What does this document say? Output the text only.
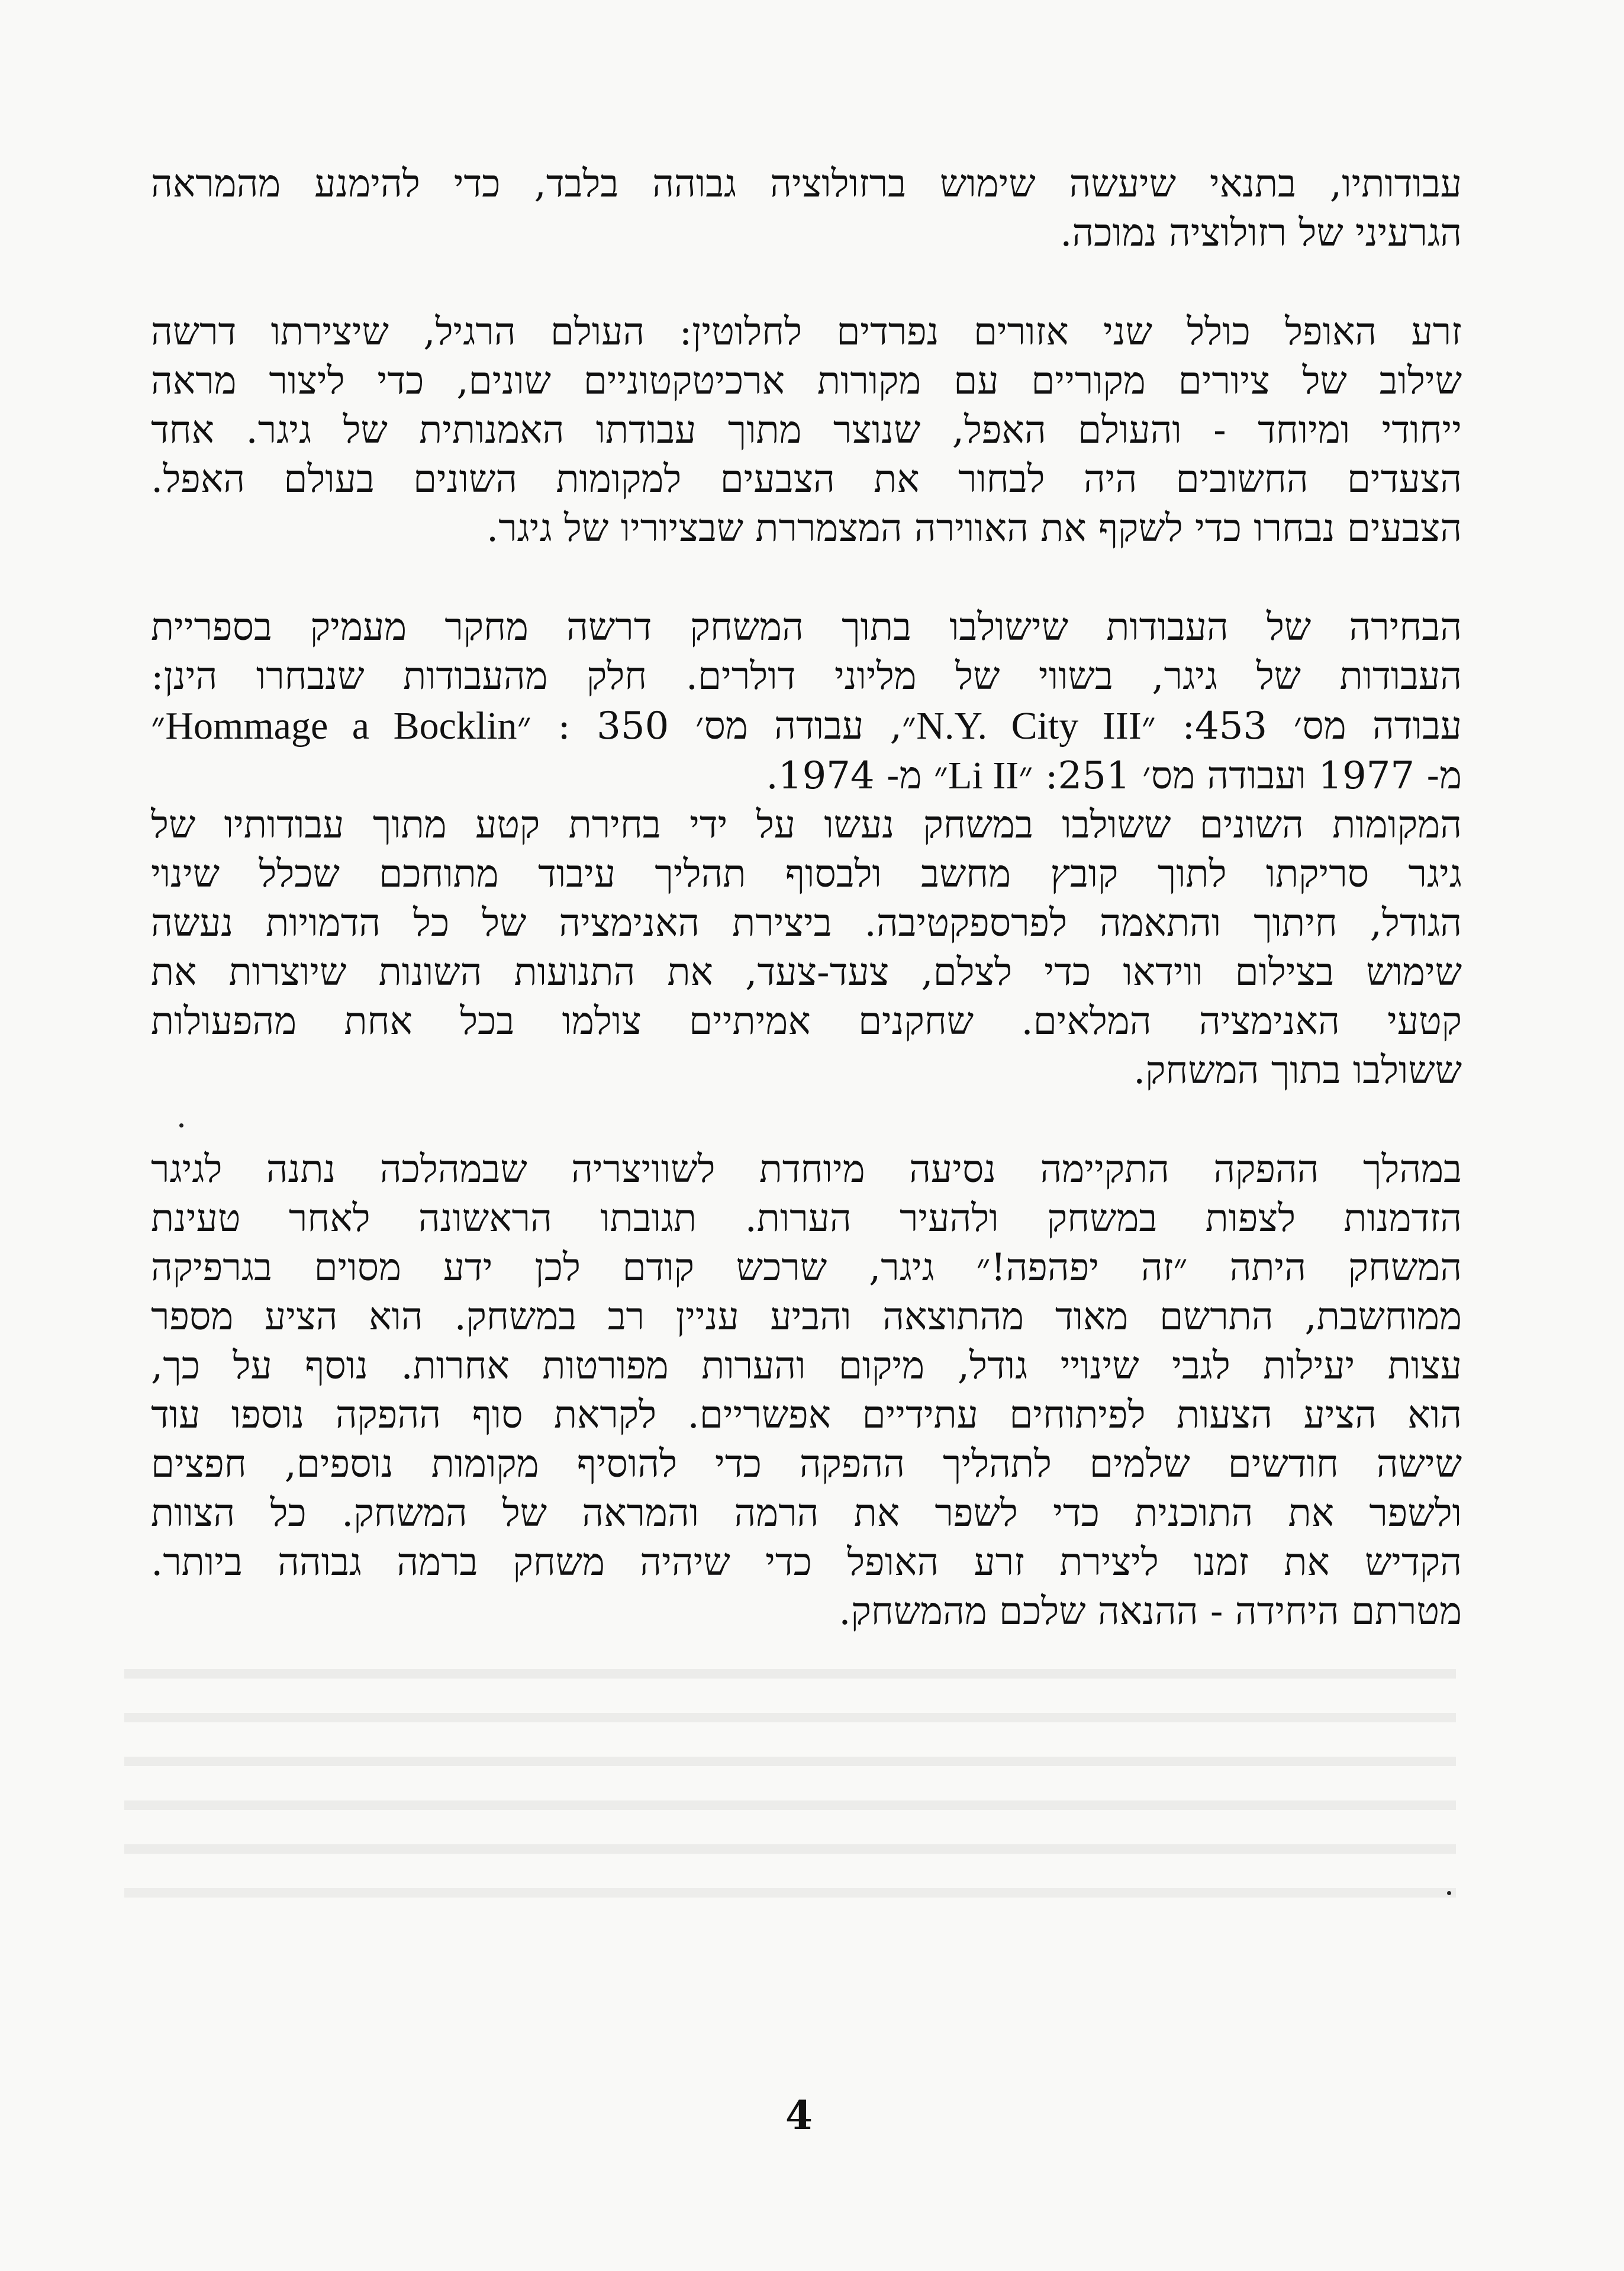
עבודותיו, בתנאי שיעשה שימוש ברזולוציה גבוהה בלבד, כדי להימנע מהמראה
הגרעיני של רזולוציה נמוכה.

זרע האופל כולל שני אזורים נפרדים לחלוטין: העולם הרגיל, שיצירתו דרשה
שילוב של ציורים מקוריים עם מקורות ארכיטקטוניים שונים, כדי ליצור מראה
ייחודי ומיוחד - והעולם האפל, שנוצר מתוך עבודתו האמנותית של גיגר. אחד
הצעדים החשובים היה לבחור את הצבעים למקומות השונים בעולם האפל.
הצבעים נבחרו כדי לשקף את האווירה המצמררת שבציוריו של גיגר.

הבחירה של העבודות שישולבו בתוך המשחק דרשה מחקר מעמיק בספריית
העבודות של גיגר, בשווי של מליוני דולרים. חלק מהעבודות שנבחרו הינן:
עבודה מס׳ 453: ״N.Y. City III״, עבודה מס׳ 350 : ״Hommage a Bocklin״
מ- 1977 ועבודה מס׳ 251: ״Li II״ מ- 1974.
המקומות השונים ששולבו במשחק נעשו על ידי בחירת קטע מתוך עבודותיו של
גיגר סריקתו לתוך קובץ מחשב ולבסוף תהליך עיבוד מתוחכם שכלל שינוי
הגודל, חיתוך והתאמה לפרספקטיבה. ביצירת האנימציה של כל הדמויות נעשה
שימוש בצילום ווידאו כדי לצלם, צעד-צעד, את התנועות השונות שיוצרות את
קטעי האנימציה המלאים. שחקנים אמיתיים צולמו בכל אחת מהפעולות
ששולבו בתוך המשחק.

במהלך ההפקה התקיימה נסיעה מיוחדת לשוויצריה שבמהלכה נתנה לגיגר
הזדמנות לצפות במשחק ולהעיר הערות. תגובתו הראשונה לאחר טעינת
המשחק היתה ״זה יפהפה!״ גיגר, שרכש קודם לכן ידע מסוים בגרפיקה
ממוחשבת, התרשם מאוד מהתוצאה והביע עניין רב במשחק. הוא הציע מספר
עצות יעילות לגבי שינויי גודל, מיקום והערות מפורטות אחרות. נוסף על כך,
הוא הציע הצעות לפיתוחים עתידיים אפשריים. לקראת סוף ההפקה נוספו עוד
שישה חודשים שלמים לתהליך ההפקה כדי להוסיף מקומות נוספים, חפצים
ולשפר את התוכנית כדי לשפר את הרמה והמראה של המשחק. כל הצוות
הקדיש את זמנו ליצירת זרע האופל כדי שיהיה משחק ברמה גבוהה ביותר.
מטרתם היחידה - ההנאה שלכם מהמשחק.

4
